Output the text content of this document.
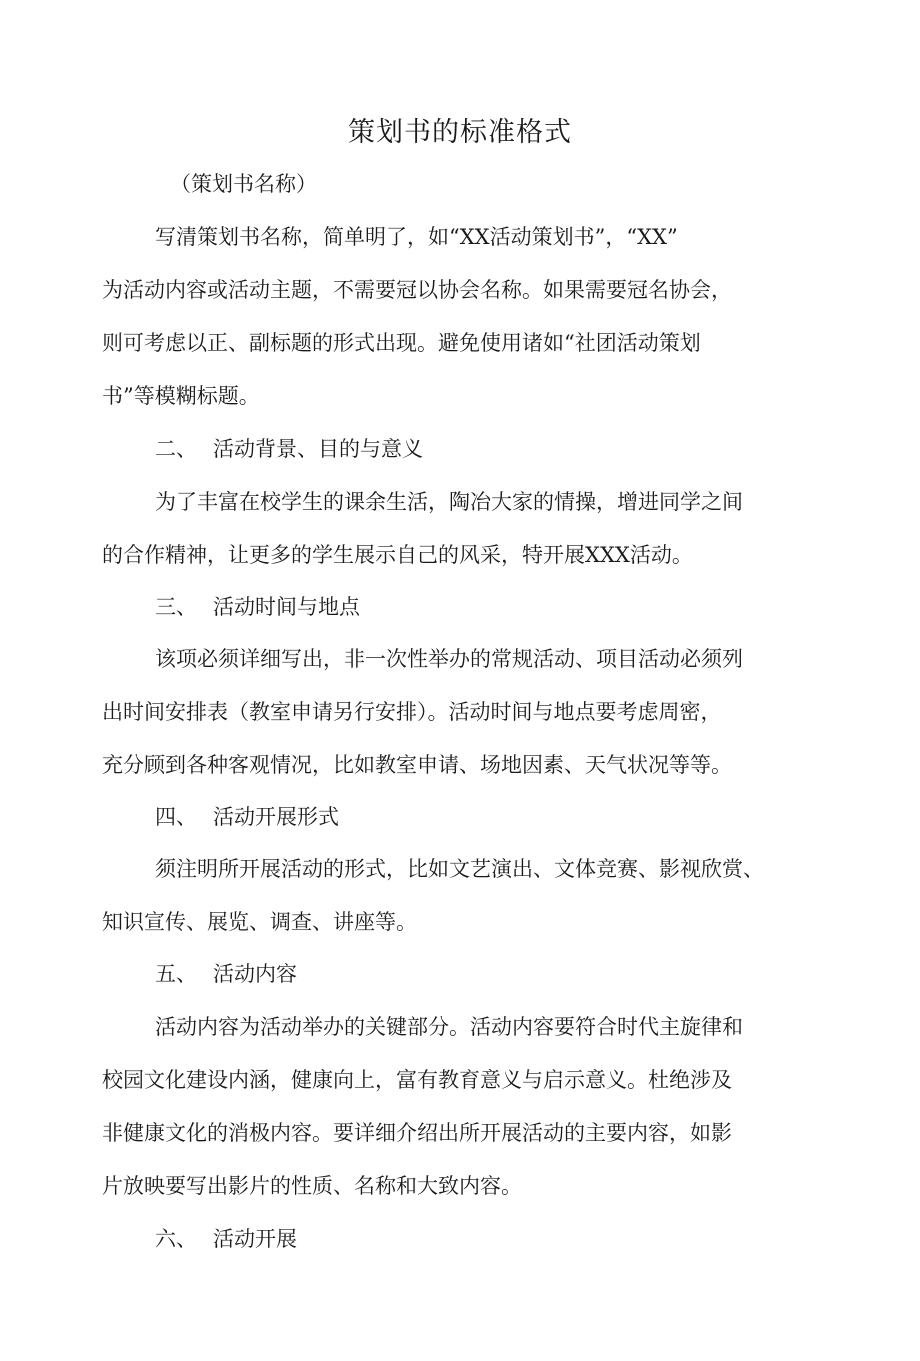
策划书的标准格式
（策划书名称）
写清策划书名称，简单明了，如“XX活动策划书”，“XX”
为活动内容或活动主题，不需要冠以协会名称。如果需要冠名协会，
则可考虑以正、副标题的形式出现。避免使用诸如“社团活动策划
书”等模糊标题。
二、 活动背景、目的与意义
为了丰富在校学生的课余生活，陶冶大家的情操，增进同学之间
的合作精神，让更多的学生展示自己的风采，特开展XXX活动。
三、 活动时间与地点
该项必须详细写出，非一次性举办的常规活动、项目活动必须列
出时间安排表（教室申请另行安排）。活动时间与地点要考虑周密，
充分顾到各种客观情况，比如教室申请、场地因素、天气状况等等。
四、 活动开展形式
须注明所开展活动的形式，比如文艺演出、文体竞赛、影视欣赏、
知识宣传、展览、调查、讲座等。
五、 活动内容
活动内容为活动举办的关键部分。活动内容要符合时代主旋律和
校园文化建设内涵，健康向上，富有教育意义与启示意义。杜绝涉及
非健康文化的消极内容。要详细介绍出所开展活动的主要内容，如影
片放映要写出影片的性质、名称和大致内容。
六、 活动开展
